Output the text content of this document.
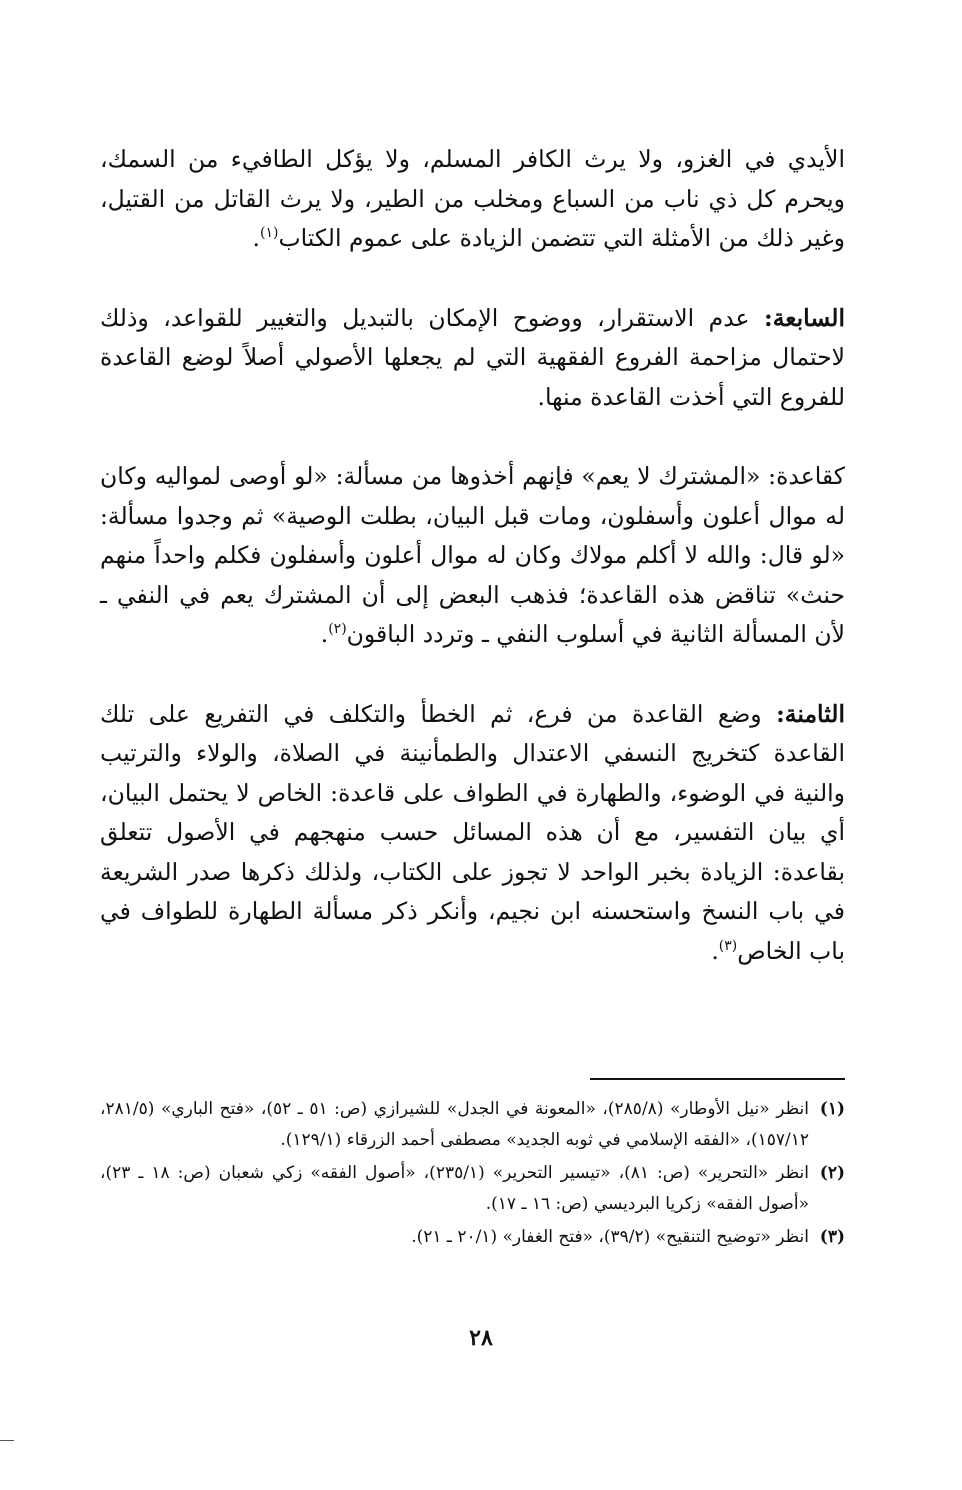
الأيدي في الغزو، ولا يرث الكافر المسلم، ولا يؤكل الطافيء من السمك، ويحرم كل ذي ناب من السباع ومخلب من الطير، ولا يرث القاتل من القتيل، وغير ذلك من الأمثلة التي تتضمن الزيادة على عموم الكتاب$^{(١)}$.

السابعة: عدم الاستقرار، ووضوح الإمكان بالتبديل والتغيير للقواعد، وذلك لاحتمال مزاحمة الفروع الفقهية التي لم يجعلها الأصولي أصلاً لوضع القاعدة للفروع التي أخذت القاعدة منها.

كقاعدة: «المشترك لا يعم» فإنهم أخذوها من مسألة: «لو أوصى لمواليه وكان له موال أعلون وأسفلون، ومات قبل البيان، بطلت الوصية» ثم وجدوا مسألة: «لو قال: والله لا أكلم مولاك وكان له موال أعلون وأسفلون فكلم واحداً منهم حنث» تناقض هذه القاعدة؛ فذهب البعض إلى أن المشترك يعم في النفي ـ لأن المسألة الثانية في أسلوب النفي ـ وتردد الباقون$^{(٢)}$.

الثامنة: وضع القاعدة من فرع، ثم الخطأ والتكلف في التفريع على تلك القاعدة كتخريج النسفي الاعتدال والطمأنينة في الصلاة، والولاء والترتيب والنية في الوضوء، والطهارة في الطواف على قاعدة: الخاص لا يحتمل البيان، أي بيان التفسير، مع أن هذه المسائل حسب منهجهم في الأصول تتعلق بقاعدة: الزيادة بخبر الواحد لا تجوز على الكتاب، ولذلك ذكرها صدر الشريعة في باب النسخ واستحسنه ابن نجيم، وأنكر ذكر مسألة الطهارة للطواف في باب الخاص$^{(٣)}$.

(١)
انظر «نيل الأوطار» (٢٨٥/٨)، «المعونة في الجدل» للشيرازي (ص: ٥١ ـ ٥٢)، «فتح الباري» (٢٨١/٥، ١٥٧/١٢)، «الفقه الإسلامي في ثوبه الجديد» مصطفى أحمد الزرقاء (١٢٩/١).
(٢)
انظر «التحرير» (ص: ٨١)، «تيسير التحرير» (٢٣٥/١)، «أصول الفقه» زكي شعبان (ص: ١٨ ـ ٢٣)، «أصول الفقه» زكريا البرديسي (ص: ١٦ ـ ١٧).
(٣)
انظر «توضيح التنقيح» (٣٩/٢)، «فتح الغفار» (٢٠/١ ـ ٢١).
٢٨
